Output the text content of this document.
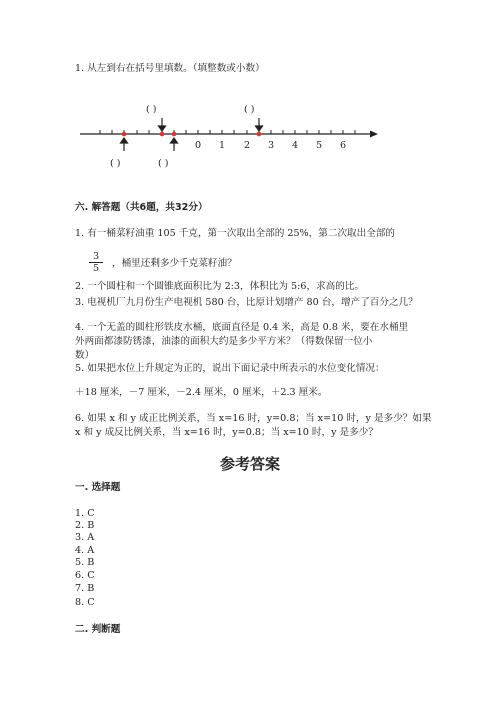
1. 从左到右在括号里填数。（填整数或小数）
( )	( )
( )	( )
0 1 2 3 4 5 6
六. 解答题（共6题，共32分）
1. 有一桶菜籽油重 105 千克，第一次取出全部的 25%，第二次取出全部的
$\frac{3}{5}$ ，桶里还剩多少千克菜籽油？
2. 一个圆柱和一个圆锥底面积比为 2:3，体积比为 5:6，求高的比。
3. 电视机厂九月份生产电视机 580 台，比原计划增产 80 台，增产了百分之几？
4. 一个无盖的圆柱形铁皮水桶，底面直径是 0.4 米，高是 0.8 米，要在水桶里
外两面都漆防锈漆，油漆的面积大约是多少平方米？（得数保留一位小
数）
5. 如果把水位上升规定为正的，说出下面记录中所表示的水位变化情况：
＋18 厘米，－7 厘米，－2.4 厘米，0 厘米，＋2.3 厘米。
6. 如果 x 和 y 成正比例关系，当 x=16 时，y=0.8；当 x=10 时，y 是多少？如果
x 和 y 成反比例关系，当 x=16 时，y=0.8；当 x=10 时，y 是多少？
参考答案
一. 选择题
1. C
2. B
3. A
4. A
5. B
6. C
7. B
8. C
二. 判断题
